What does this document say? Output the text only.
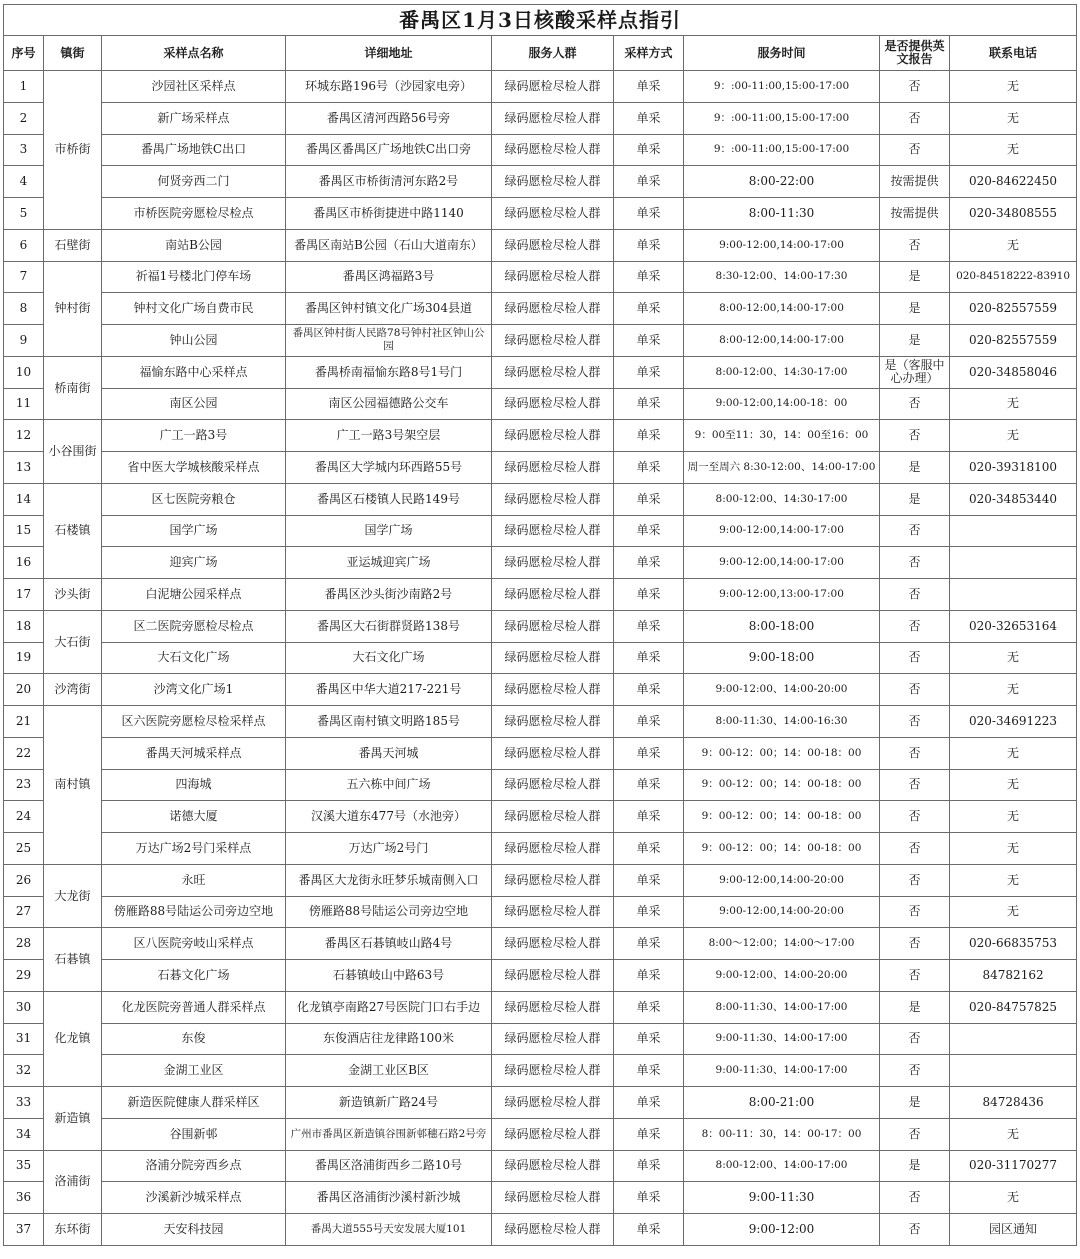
番禺区1月3日核酸采样点指引								
序号	镇街	采样点名称	详细地址	服务人群	采样方式	服务时间	是否提供英文报告	联系电话
1	市桥街	沙园社区采样点	环城东路196号（沙园家电旁）	绿码愿检尽检人群	单采	9：:00-11:00,15:00-17:00	否	无
2		新广场采样点	番禺区清河西路56号旁	绿码愿检尽检人群	单采	9：:00-11:00,15:00-17:00	否	无
3		番禺广场地铁C出口	番禺区番禺区广场地铁C出口旁	绿码愿检尽检人群	单采	9：:00-11:00,15:00-17:00	否	无
4		何贤旁西二门	番禺区市桥街清河东路2号	绿码愿检尽检人群	单采	8:00-22:00	按需提供	020-84622450
5		市桥医院旁愿检尽检点	番禺区市桥街捷进中路1140	绿码愿检尽检人群	单采	8:00-11:30	按需提供	020-34808555
6	石壁街	南站B公园	番禺区南站B公园（石山大道南东）	绿码愿检尽检人群	单采	9:00-12:00,14:00-17:00	否	无
7	钟村街	祈福1号楼北门停车场	番禺区鸿福路3号	绿码愿检尽检人群	单采	8:30-12:00、14:00-17:30	是	020-84518222-83910
8		钟村文化广场自费市民	番禺区钟村镇文化广场304县道	绿码愿检尽检人群	单采	8:00-12:00,14:00-17:00	是	020-82557559
9		钟山公园	番禺区钟村街人民路78号钟村社区钟山公园	绿码愿检尽检人群	单采	8:00-12:00,14:00-17:00	是	020-82557559
10	桥南街	福愉东路中心采样点	番禺桥南福愉东路8号1号门	绿码愿检尽检人群	单采	8:00-12:00、14:30-17:00	是（客服中心办理）	020-34858046
11		南区公园	南区公园福德路公交车	绿码愿检尽检人群	单采	9:00-12:00,14:00-18：00	否	无
12	小谷围街	广工一路3号	广工一路3号架空层	绿码愿检尽检人群	单采	9：00至11：30，14：00至16：00	否	无
13		省中医大学城核酸采样点	番禺区大学城内环西路55号	绿码愿检尽检人群	单采	周一至周六 8:30-12:00、14:00-17:00	是	020-39318100
14	石楼镇	区七医院旁粮仓	番禺区石楼镇人民路149号	绿码愿检尽检人群	单采	8:00-12:00、14:30-17:00	是	020-34853440
15		国学广场	国学广场	绿码愿检尽检人群	单采	9:00-12:00,14:00-17:00	否	
16		迎宾广场	亚运城迎宾广场	绿码愿检尽检人群	单采	9:00-12:00,14:00-17:00	否	
17	沙头街	白泥塘公园采样点	番禺区沙头街沙南路2号	绿码愿检尽检人群	单采	9:00-12:00,13:00-17:00	否	
18	大石街	区二医院旁愿检尽检点	番禺区大石街群贤路138号	绿码愿检尽检人群	单采	8:00-18:00	否	020-32653164
19		大石文化广场	大石文化广场	绿码愿检尽检人群	单采	9:00-18:00	否	无
20	沙湾街	沙湾文化广场1	番禺区中华大道217-221号	绿码愿检尽检人群	单采	9:00-12:00、14:00-20:00	否	无
21	南村镇	区六医院旁愿检尽检采样点	番禺区南村镇文明路185号	绿码愿检尽检人群	单采	8:00-11:30、14:00-16:30	否	020-34691223
22		番禺天河城采样点	番禺天河城	绿码愿检尽检人群	单采	9：00-12：00；14：00-18：00	否	无
23		四海城	五六栋中间广场	绿码愿检尽检人群	单采	9：00-12：00；14：00-18：00	否	无
24		诺德大厦	汉溪大道东477号（水池旁）	绿码愿检尽检人群	单采	9：00-12：00；14：00-18：00	否	无
25		万达广场2号门采样点	万达广场2号门	绿码愿检尽检人群	单采	9：00-12：00；14：00-18：00	否	无
26	大龙街	永旺	番禺区大龙街永旺梦乐城南侧入口	绿码愿检尽检人群	单采	9:00-12:00,14:00-20:00	否	无
27		傍雁路88号陆运公司旁边空地	傍雁路88号陆运公司旁边空地	绿码愿检尽检人群	单采	9:00-12:00,14:00-20:00	否	无
28	石碁镇	区八医院旁岐山采样点	番禺区石碁镇岐山路4号	绿码愿检尽检人群	单采	8:00～12:00；14:00～17:00	否	020-66835753
29		石碁文化广场	石碁镇岐山中路63号	绿码愿检尽检人群	单采	9:00-12:00、14:00-20:00	否	84782162
30	化龙镇	化龙医院旁普通人群采样点	化龙镇亭南路27号医院门口右手边	绿码愿检尽检人群	单采	8:00-11:30、14:00-17:00	是	020-84757825
31		东俊	东俊酒店往龙律路100米	绿码愿检尽检人群	单采	9:00-11:30、14:00-17:00	否	
32		金湖工业区	金湖工业区B区	绿码愿检尽检人群	单采	9:00-11:30、14:00-17:00	否	
33	新造镇	新造医院健康人群采样区	新造镇新广路24号	绿码愿检尽检人群	单采	8:00-21:00	是	84728436
34		谷围新邨	广州市番禺区新造镇谷围新邨穗石路2号旁	绿码愿检尽检人群	单采	8：00-11：30，14：00-17：00	否	无
35	洛浦街	洛浦分院旁西乡点	番禺区洛浦街西乡二路10号	绿码愿检尽检人群	单采	8:00-12:00、14:00-17:00	是	020-31170277
36		沙溪新沙城采样点	番禺区洛浦街沙溪村新沙城	绿码愿检尽检人群	单采	9:00-11:30	否	无
37	东环街	天安科技园	番禺大道555号天安发展大厦101	绿码愿检尽检人群	单采	9:00-12:00	否	园区通知
